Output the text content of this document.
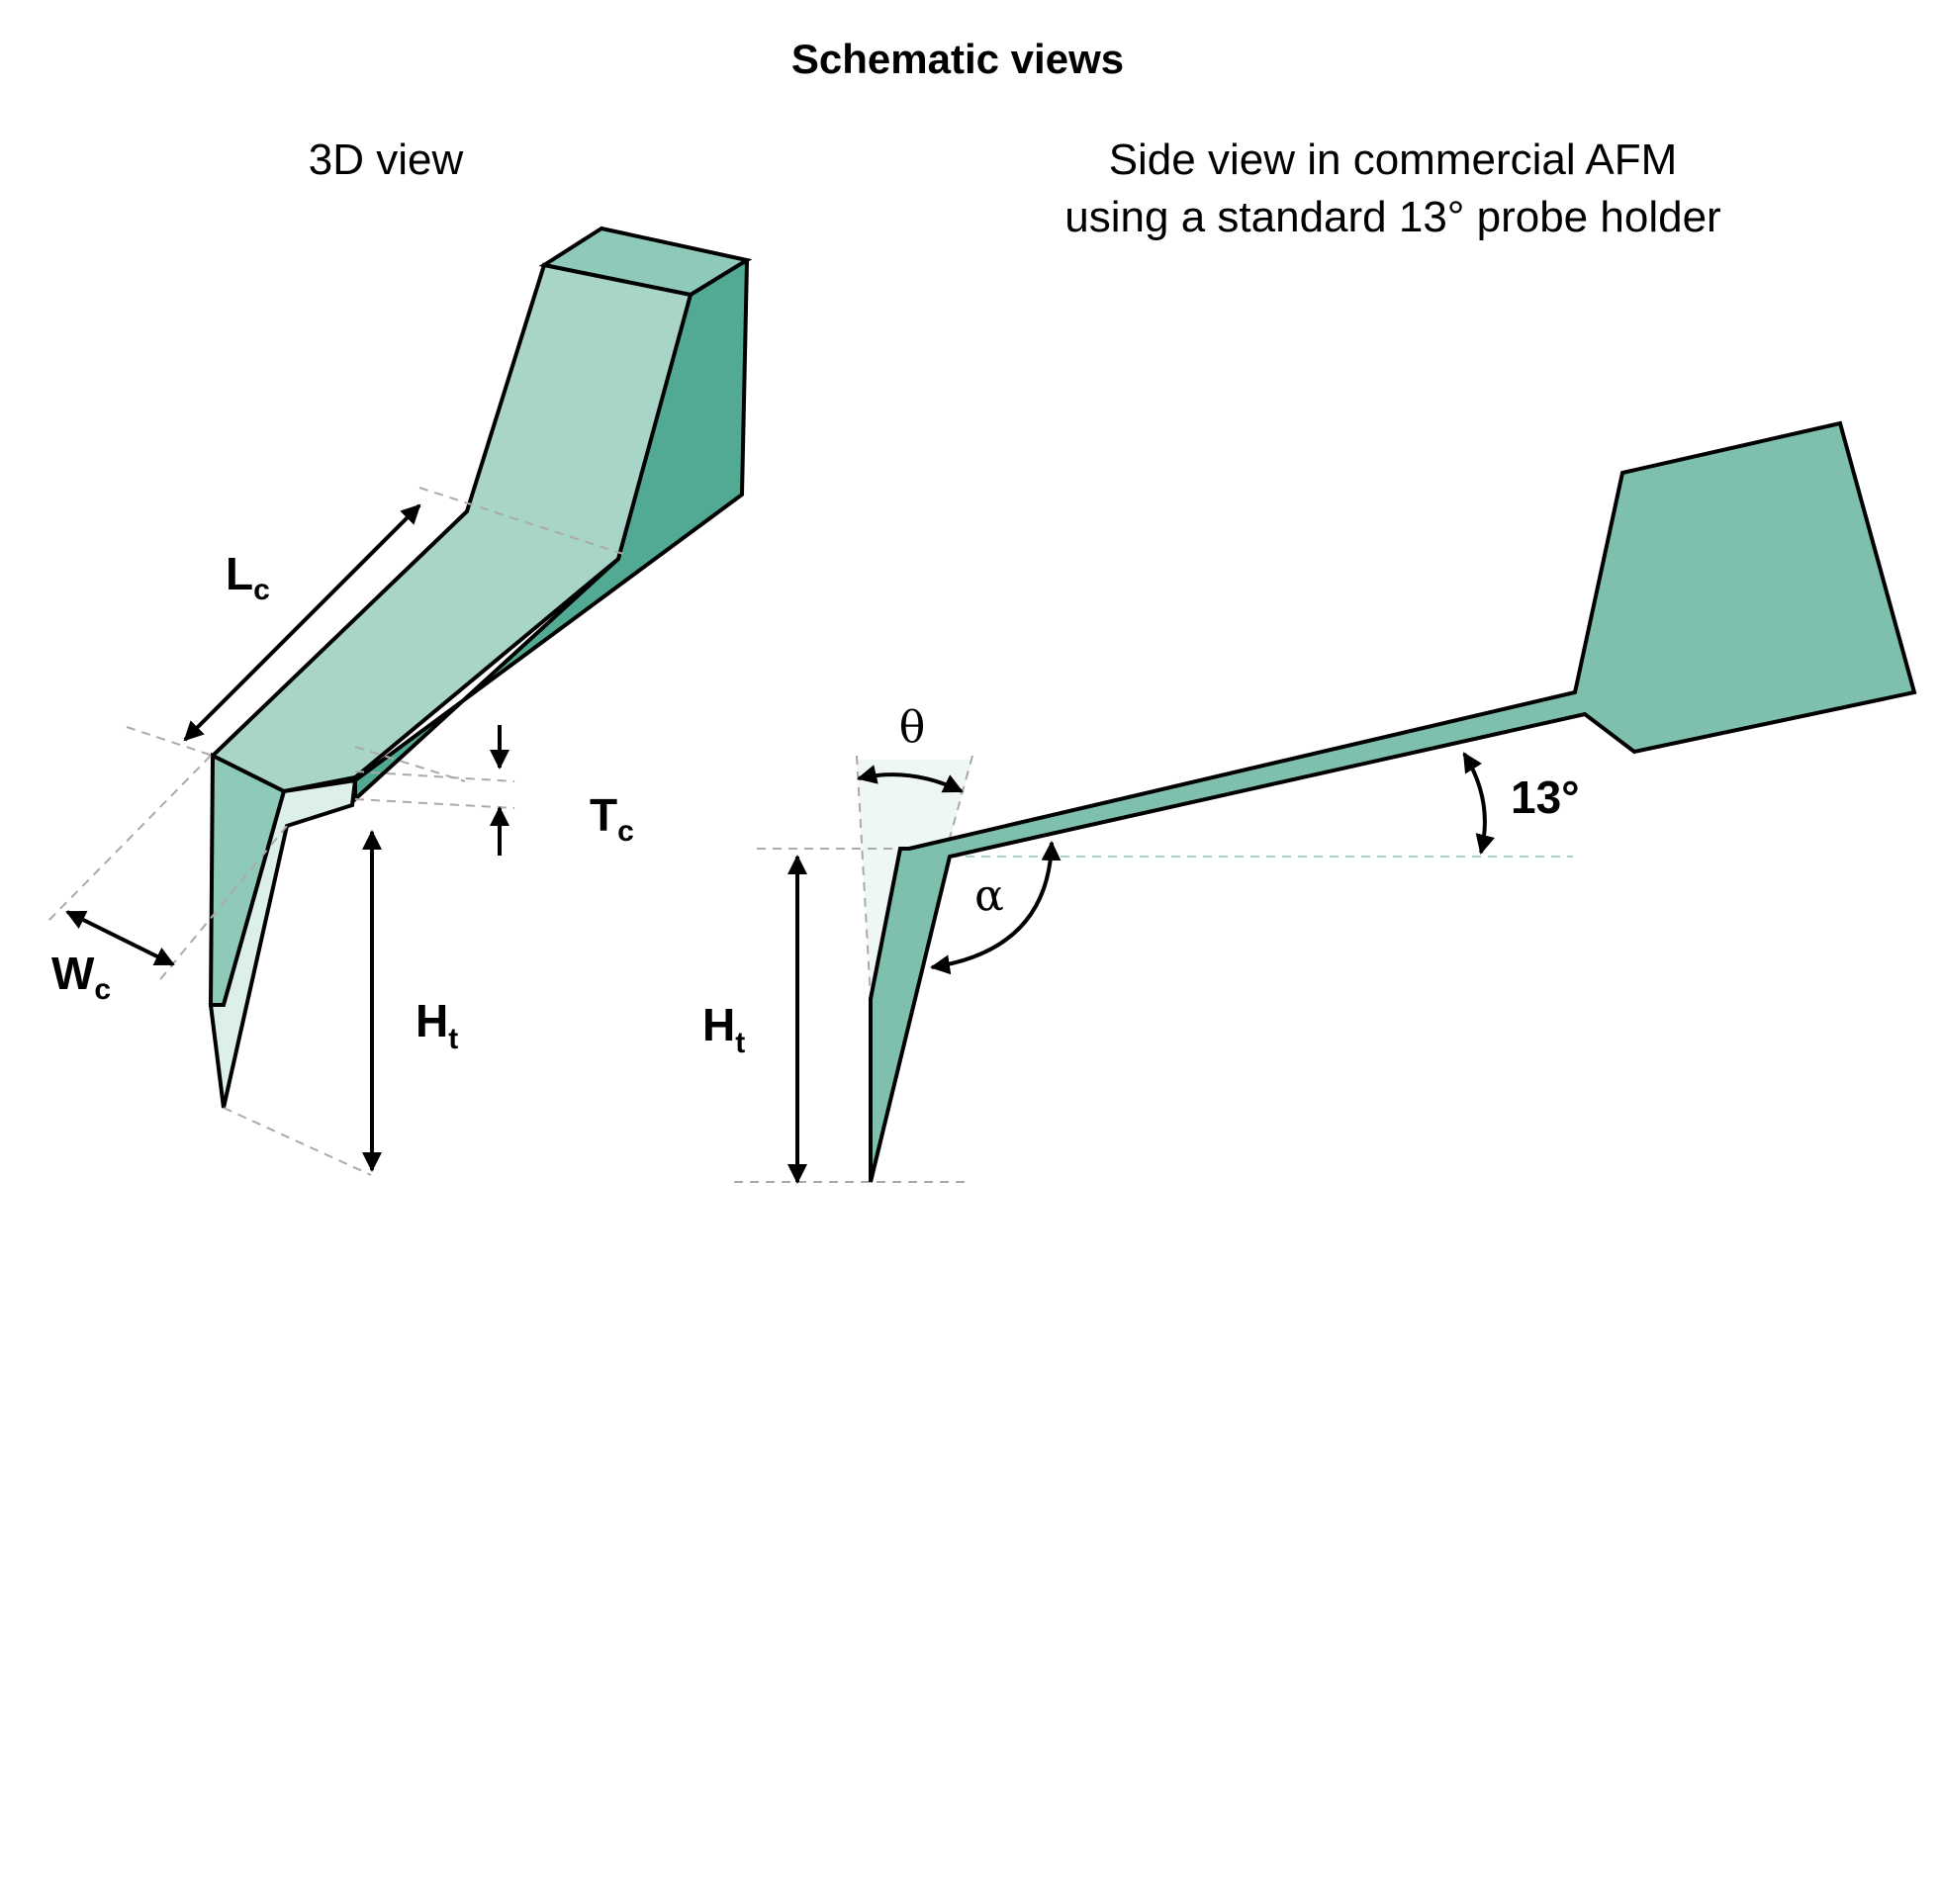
Schematic views
3D view	Side view in commercial AFM
using a standard 13° probe holder
Lc
Tc
Wc
Ht
θ
α
13°
Ht
